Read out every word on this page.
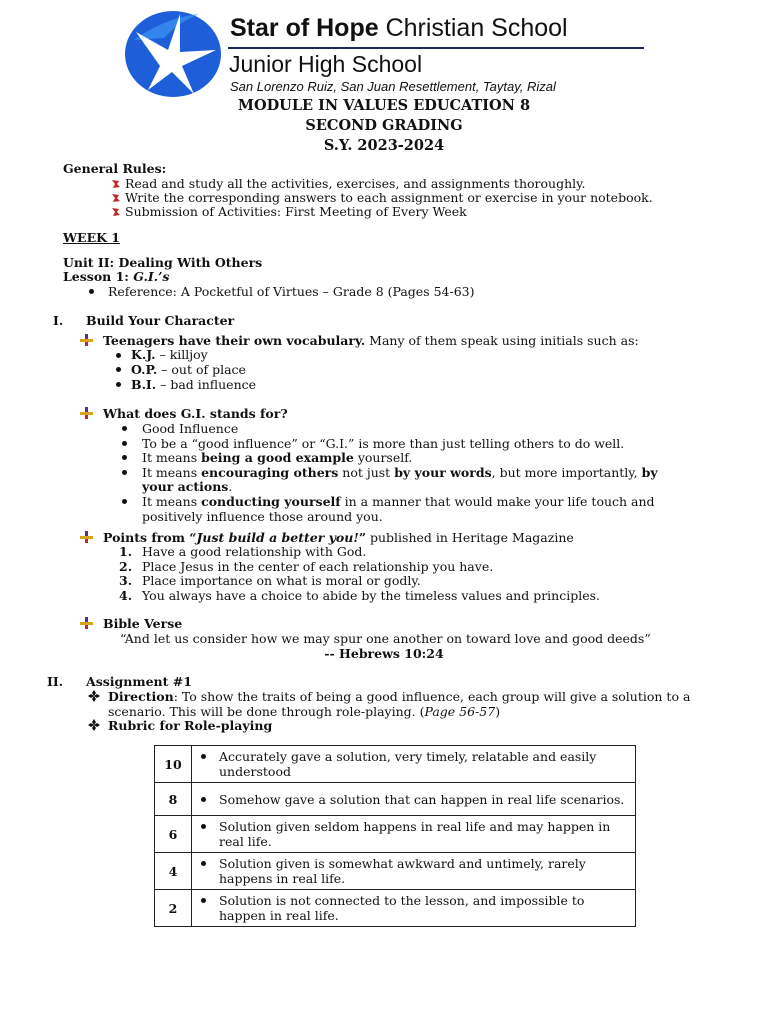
Star of Hope Christian School
Junior High School
San Lorenzo Ruiz, San Juan Resettlement, Taytay, Rizal
MODULE IN VALUES EDUCATION 8
SECOND GRADING
S.Y. 2023-2024
General Rules:
Read and study all the activities, exercises, and assignments thoroughly.
Write the corresponding answers to each assignment or exercise in your notebook.
Submission of Activities: First Meeting of Every Week
WEEK 1
Unit II: Dealing With Others
Lesson 1: G.I.’s
Reference: A Pocketful of Virtues – Grade 8 (Pages 54-63)
I. Build Your Character
Teenagers have their own vocabulary. Many of them speak using initials such as:
K.J. – killjoy
O.P. – out of place
B.I. – bad influence
What does G.I. stands for?
Good Influence
To be a “good influence” or “G.I.” is more than just telling others to do well.
It means being a good example yourself.
It means encouraging others not just by your words, but more importantly, by
your actions.
It means conducting yourself in a manner that would make your life touch and
positively influence those around you.
Points from “Just build a better you!” published in Heritage Magazine
1. Have a good relationship with God.
2. Place Jesus in the center of each relationship you have.
3. Place importance on what is moral or godly.
4. You always have a choice to abide by the timeless values and principles.
Bible Verse
“And let us consider how we may spur one another on toward love and good deeds”
-- Hebrews 10:24
II. Assignment #1
Direction: To show the traits of being a good influence, each group will give a solution to a
scenario. This will be done through role-playing. (Page 56-57)
Rubric for Role-playing
10	Accurately gave a solution, very timely, relatable and easily
understood

8	Somehow gave a solution that can happen in real life scenarios.

6	Solution given seldom happens in real life and may happen in
real life.

4	Solution given is somewhat awkward and untimely, rarely
happens in real life.

2	Solution is not connected to the lesson, and impossible to
happen in real life.
